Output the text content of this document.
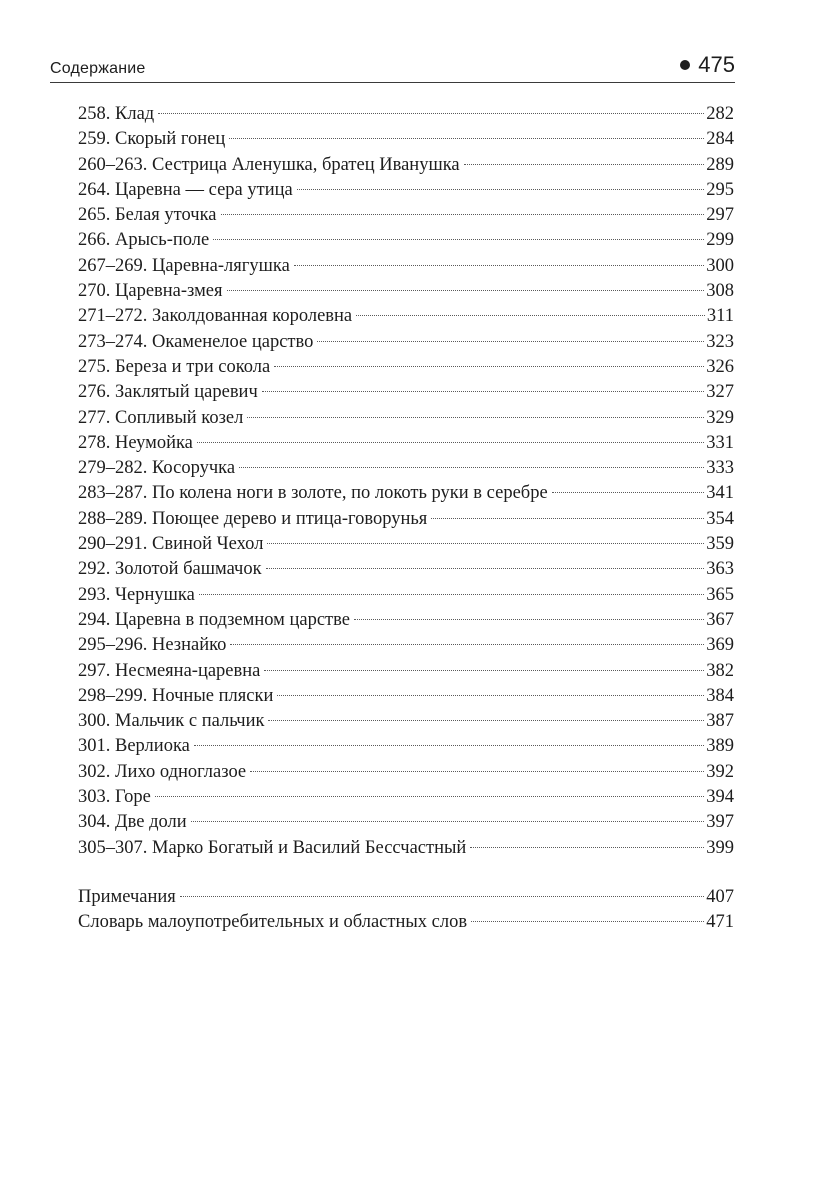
Содержание	475
258. Клад	282
259. Скорый гонец	284
260–263. Сестрица Аленушка, братец Иванушка	289
264. Царевна — сера утица	295
265. Белая уточка	297
266. Арысь-поле	299
267–269. Царевна-лягушка	300
270. Царевна-змея	308
271–272. Заколдованная королевна	311
273–274. Окаменелое царство	323
275. Береза и три сокола	326
276. Заклятый царевич	327
277. Сопливый козел	329
278. Неумойка	331
279–282. Косоручка	333
283–287. По колена ноги в золоте, по локоть руки в серебре	341
288–289. Поющее дерево и птица-говорунья	354
290–291. Свиной Чехол	359
292. Золотой башмачок	363
293. Чернушка	365
294. Царевна в подземном царстве	367
295–296. Незнайко	369
297. Несмеяна-царевна	382
298–299. Ночные пляски	384
300. Мальчик с пальчик	387
301. Верлиока	389
302. Лихо одноглазое	392
303. Горе	394
304. Две доли	397
305–307. Марко Богатый и Василий Бессчастный	399
Примечания	407
Словарь малоупотребительных и областных слов	471
